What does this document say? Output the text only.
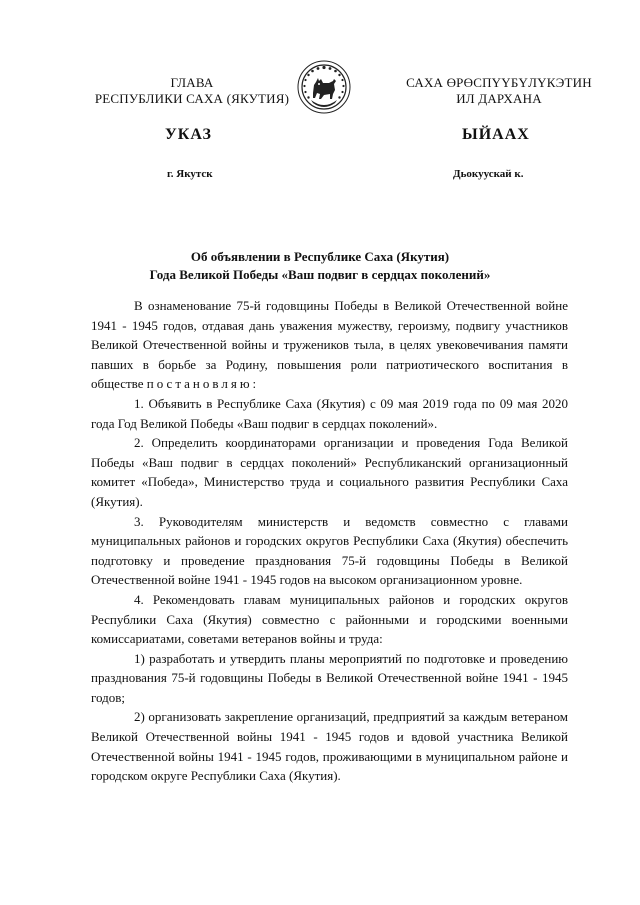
ГЛАВА
РЕСПУБЛИКИ САХА (ЯКУТИЯ)
САХА ӨРӨСПҮҮБҮЛҮКЭТИН
ИЛ ДАРХАНА
УКАЗ	ЫЙААХ
г. Якутск	Дьокуускай к.
Об объявлении в Республике Саха (Якутия)
Года Великой Победы «Ваш подвиг в сердцах поколений»

В ознаменование 75-й годовщины Победы в Великой Отечественной войне 1941 - 1945 годов, отдавая дань уважения мужеству, героизму, подвигу участников Великой Отечественной войны и тружеников тыла, в целях увековечивания памяти павших в борьбе за Родину, повышения роли патриотического воспитания в обществе постановляю:

1. Объявить в Республике Саха (Якутия) с 09 мая 2019 года по 09 мая 2020 года Год Великой Победы «Ваш подвиг в сердцах поколений».

2. Определить координаторами организации и проведения Года Великой Победы «Ваш подвиг в сердцах поколений» Республиканский организационный комитет «Победа», Министерство труда и социального развития Республики Саха (Якутия).

3. Руководителям министерств и ведомств совместно с главами муниципальных районов и городских округов Республики Саха (Якутия) обеспечить подготовку и проведение празднования 75-й годовщины Победы в Великой Отечественной войне 1941 - 1945 годов на высоком организационном уровне.

4. Рекомендовать главам муниципальных районов и городских округов Республики Саха (Якутия) совместно с районными и городскими военными комиссариатами, советами ветеранов войны и труда:

1) разработать и утвердить планы мероприятий по подготовке и проведению празднования 75-й годовщины Победы в Великой Отечественной войне 1941 - 1945 годов;

2) организовать закрепление организаций, предприятий за каждым ветераном Великой Отечественной войны 1941 - 1945 годов и вдовой участника Великой Отечественной войны 1941 - 1945 годов, проживающими в муниципальном районе и городском округе Республики Саха (Якутия).
